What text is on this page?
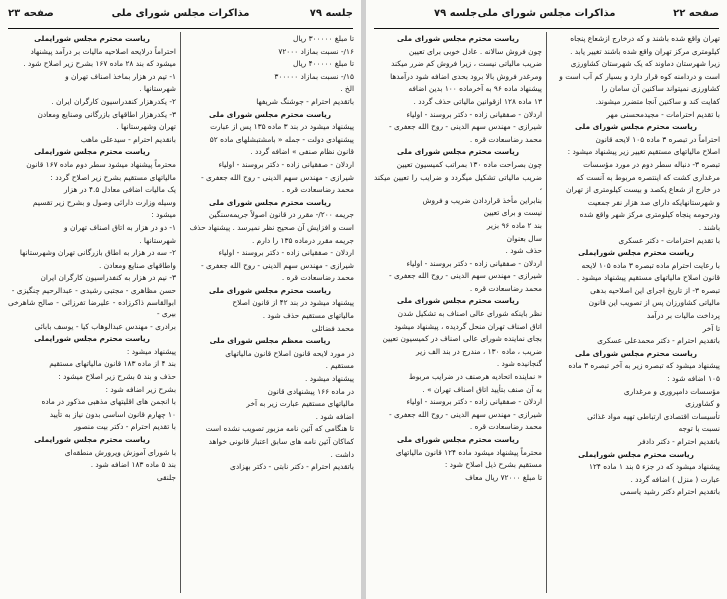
جلسه ۷۹
مذاکرات مجلس شورای ملی
صفحه ۲۳

تا مبلغ ۳۰۰۰۰۰ ریال

۱۶/- نسبت بمازاد ۷۲۰۰۰

تا مبلغ ۴۰۰۰۰۰ ریال

۱۵/- نسبت بمازاد ۳۰۰۰۰۰

الخ .

باتقدیم احترام - جوشنگ شریفها

ریاست محترم مجلس شورای ملی

پیشنهاد میشود در بند ۳ ماده ۱۳۵ پس از عبارت

پیشنهادی دولت - جمله « بامشتبشلهای ماده ۵۲

قانون نظام صنفی » اضافه گردد .

اردلان - صفقیانی زاده - دکتر بروسند - اولیاء

شیرازی - مهندس سهم الدینی - روح الله جعفری -

محمد رضاسعادت قره .

ریاست محترم مجلس شورای ملی

جریمه ۲۰۰/- مقرر در قانون اصولاً جریمه‌سنگین

است و افزایش آن صحیح نظر نمیرسد . پیشنهاد حذف

جریمه مقرر درماده ۱۳۵ را دارم .

اردلان - صفقیانی زاده - دکتر بروسند - اولیاء

شیرازی - مهندس سهم الدینی - روح الله جعفری -

محمد رضاسعادت قره .

ریاست محترم مجلس شورای ملی

پیشنهاد میشود در بند ۴۲ از قانون اصلاح

مالیاتهای مستقیم حذف شود .

محمد فضائلی

ریاست معظم مجلس شورای ملی

در مورد لایحه قانون اصلاح قانون مالیاتهای

مستقیم .

پیشنهاد میشود .

در ماده ۱۶۶ پیشنهادی قانون

مالیاتهای مستقیم عبارت زیر به آخر

اضافه شود .

تا هنگامی که آئین نامه مزبور تصویب نشده است

کماکان آئین نامه های سابق اعتبار قانونی خواهد

داشت .

باتقدیم احترام - دکتر نابتی - دکتر بهزادی

ریاست محترم مجلس شورایملی

احتراماً درلایحه اصلاحیه مالیات بر درآمد پیشنهاد

میشود که بند ۲۸ ماده ۱۶۷ بشرح زیر اصلاح شود .

۱- تیم در هزار بماخذ اصناف تهران و

شهرستانها .

۲- یکدرهزار کنفدراسیون کارگران ایران .

۳- یکدرهزار اطاقهای بازرگانی وصنایع ومعادن

تهران وشهرستانها .

بانقدیم احترام - سیدعلی ماهب

ریاست محترم مجلس شورایملی

محترماً پیشنهاد میشود سطر دوم ماده ۱۶۷ قانون

مالیاتهای مستقیم بشرح زیر اصلاح گردد :

یک مالیات اضافی معادل ۴.۵ در هزار

وسیله وزارت دارائی وصول و بشرح زیر تقسیم

میشود :

۱- دو در هزار به اتاق اصناف تهران و

شهرستانها .

۲- سه در هزار به اطاق بازرگانی تهران وشهرستانها

واطاقهای صنایع ومعادن .

۳- نیم در هزار به کنفدراسیون کارگران ایران

حسن مظاهری - مجتبی رشیدی - عبدالرحیم چنگیزی -

ابوالقاسم ذاکرزاده - علیرضا تفرزائی - صالح شاهرخی بیری -

برادری - مهندس عبدالوهاب کیا - یوسف بابائی

ریاست محترم مجلس شورایملی

پیشنهاد میشود :

بند ۴ از ماده ۱۸۳ قانون مالیاتهای مستقیم

حذف و بند ۵ بشرح زیر اصلاح میشود :

بشرح زیر اضافه شود :

با انجمن های اقلیتهای مذهبی مذکور در ماده

۱۰ چهارم قانون اساسی بدون نیاز به تأیید

با تقدیم احترام - دکتر بیت منصور

ریاست محترم مجلس شورایملی

با شورای آموزش وپرورش منطقه‌ای

بند ۵ ماده ۱۸۳ اضافه شود .

جلنقی

صفحه ۲۲
مذاکرات مجلس شورای ملی
جلسه ۷۹

تهران واقع شده باشند و که درخارج ازشعاع پنجاه

کیلومتری مرکز تهران واقع شده باشند تغییر یابد .

زیرا شهرستان دماوند که یک شهرستان کشاورزی

است و دردامنه کوه قرار دارد و بسیار کم آب است و

کشاورزی نمیتواند ساکنین آن سامان را

کفایت کند و ساکنین آنجا متضرر میشوند.

با تقدیم احترامات - مجیدمحسنی مهر

ریاست محترم مجلس شورای ملی

احتراماً در تبصره ۳ ماده ۱۰۵ لایحه قانون

اصلاح مالیاتهای مستقیم تغییر زیر پیشنهاد میشود :

تبصره ۳- دنباله سطر دوم در مورد مؤسسات

مرغداری کشت که اینتصره مربوط به آنست که

در خارج از شعاع یکصد و بیست کیلومتری از تهران

و شهرستانهایکه دارای صد هزار نفر جمعیت

ودرحومه پنجاه کیلومتری مرکز شهر واقع شده

باشند .

با تقدیم احترامات - دکتر عسکری

ریاست محترم مجلس شورایملی

با رعایت احترام ماده تبصره ۳ ماده ۱۰۵ لایحه

قانون اصلاح مالیاتهای مستقیم پیشنهاد میشود .

تبصره ۳- از تاریخ اجرای این اصلاحیه بدهی

مالیاتی کشاورزان پس از تصویب این قانون

پرداخت مالیات بر درآمد

تا آخر

باتقدیم احترام - دکتر محمدعلی عسکری

ریاست محترم مجلس شورای ملی

پیشنهاد میشود که تبصره زیر به آخر تبصره ۳ ماده

۱۰۵ اضافه شود :

مؤسسات دامپروری و مرغداری

و کشاورزی

تأسیسات اقتصادی ارتباطی تهیه مواد غذائی

نسبت با توجه

باتقدیم احترام - دکتر دادفر

ریاست محترم مجلس شورایملی

پیشنهاد میشود که در جزء ۵ بند ۱ ماده ۱۲۴

عبارت ( منزل ) اضافه گردد .

باتقدیم احترام دکتر رشید یاسمی

ریاست محترم مجلس شورای ملی

چون فروش سالانه . عادل خوبی برای تعیین

ضریب مالیاتی نیست ، زیرا فروش کم ضرر میکند

ومرغدر فروش بالا برود بحدی اضافه شود درآمدها

پیشنهاد ماده ۹۶ به آخرماده ۱۰۰ بدین اضافه

۱۳ ماده ۱۲۸ ازقوانین مالیاتی حذف گردد .

اردلان - صفقیانی زاده - دکتر بروسند - اولیاء

شیرازی - مهندس سهم الدینی - روح الله جعفری -

محمد رضاسعادت قره .

ریاست محترم مجلس شورای ملی

چون بصراحت ماده ۱۳۰ بمراتب کمیسیون تعیین

ضریب مالیاتی تشکیل میگردد و ضرایب را تعیین میکند ،

بنابراین مأخذ قراردادن ضریب و فروش

نیست و برای تعیین

بند ۲ ماده ۹۶ بزیر

سال بعنوان

حذف شود .

اردلان - صفقیانی زاده - دکتر بروسند - اولیاء

شیرازی - مهندس سهم الدینی - روح الله جعفری -

محمد رضاسعادت قره .

ریاست محترم مجلس شورای ملی

نظر باینکه شورای عالی اصناف به تشکیل شدن

اتاق اصناف تهران منحل گردیده ، پیشنهاد میشود

بجای نماینده شورای عالی اصناف در کمیسیون تعیین

ضریب ، ماده ۱۳۰ ، مندرج در بند الف زیر

گنجانیده شود .

« نماینده اتحادیه هرصنف در ضرایب مربوط

به آن صنف بتأیید اتاق اصناف تهران » .

اردلان - صفقیانی زاده - دکتر بروسند - اولیاء

شیرازی - مهندس سهم الدینی - روح الله جعفری -

محمد رضاسعادت قره .

ریاست محترم مجلس شورای ملی

محترماً پیشنهاد میشود ماده ۱۲۴ قانون مالیاتهای

مستقیم بشرح ذیل اصلاح شود :

تا مبلغ ۷۲۰۰۰ ریال معاف
